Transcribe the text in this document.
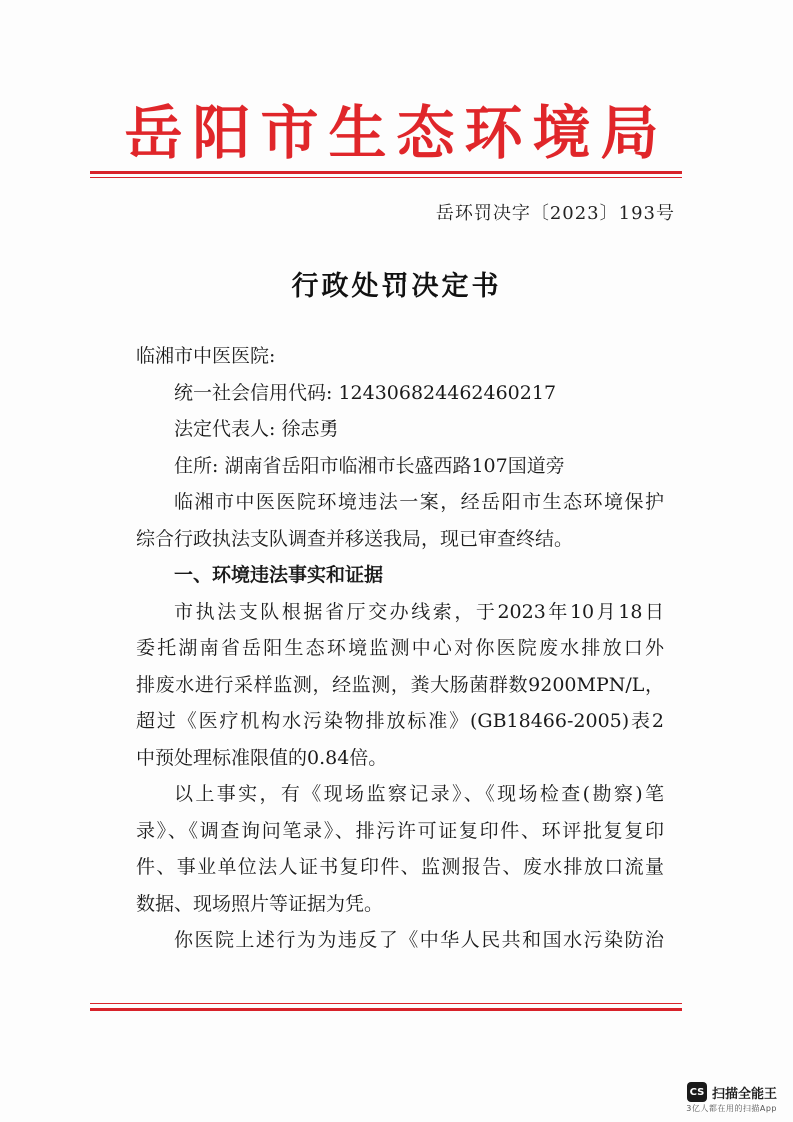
岳阳市生态环境局
岳环罚决字〔2023〕193号
行政处罚决定书
临湘市中医医院:
统一社会信用代码: 124306824462460217
法定代表人: 徐志勇
住所: 湖南省岳阳市临湘市长盛西路107国道旁
临湘市中医医院环境违法一案，经岳阳市生态环境保护
综合行政执法支队调查并移送我局，现已审查终结。
一、环境违法事实和证据
市执法支队根据省厅交办线索，于2023年10月18日
委托湖南省岳阳生态环境监测中心对你医院废水排放口外
排废水进行采样监测，经监测，粪大肠菌群数9200MPN/L，
超过《医疗机构水污染物排放标准》(GB18466-2005)表2
中预处理标准限值的0.84倍。
以上事实，有《现场监察记录》、《现场检查(勘察)笔
录》、《调查询问笔录》、排污许可证复印件、环评批复复印
件、事业单位法人证书复印件、监测报告、废水排放口流量
数据、现场照片等证据为凭。
你医院上述行为为违反了《中华人民共和国水污染防治
CS 扫描全能王
3亿人都在用的扫描App
